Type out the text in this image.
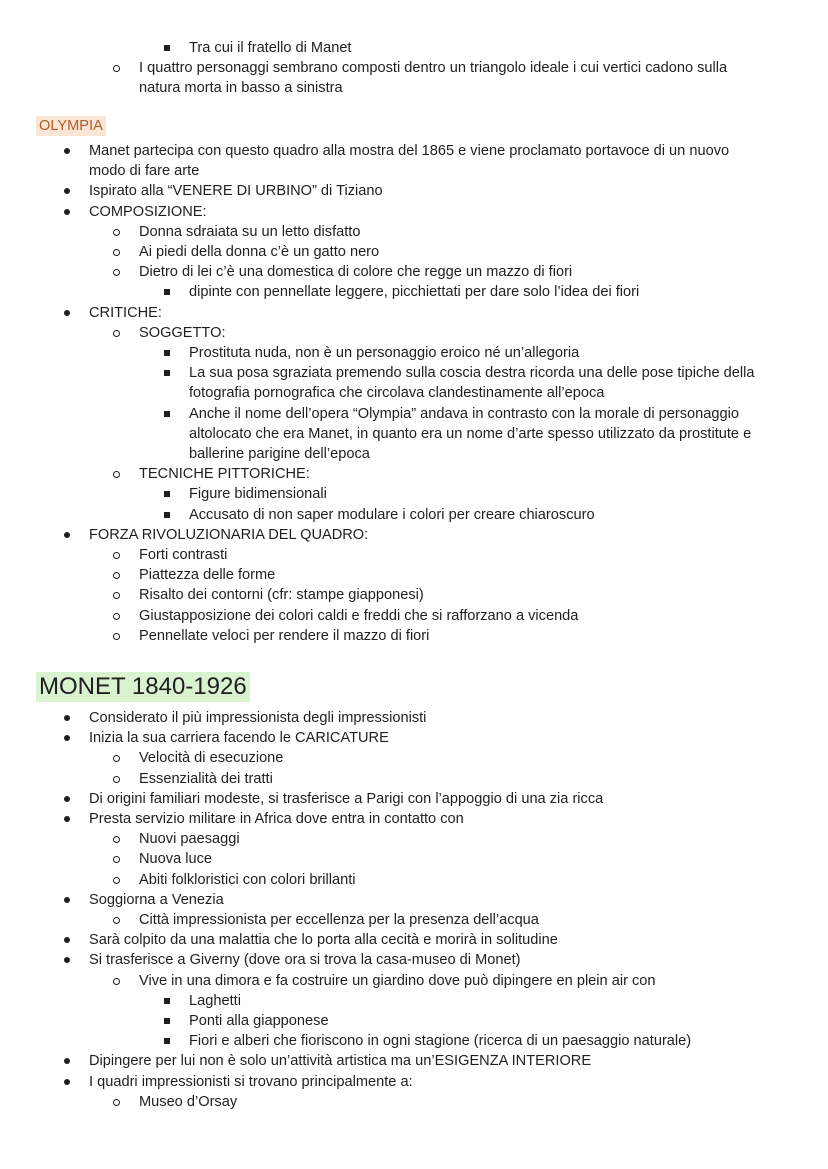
Tra cui il fratello di Manet
I quattro personaggi sembrano composti dentro un triangolo ideale i cui vertici cadono sulla
natura morta in basso a sinistra
OLYMPIA
Manet partecipa con questo quadro alla mostra del 1865 e viene proclamato portavoce di un nuovo
modo di fare arte
Ispirato alla “VENERE DI URBINO” di Tiziano
COMPOSIZIONE:
Donna sdraiata su un letto disfatto
Ai piedi della donna c’è un gatto nero
Dietro di lei c’è una domestica di colore che regge un mazzo di fiori
dipinte con pennellate leggere, picchiettati per dare solo l’idea dei fiori
CRITICHE:
SOGGETTO:
Prostituta nuda, non è un personaggio eroico né un’allegoria
La sua posa sgraziata premendo sulla coscia destra ricorda una delle pose tipiche della
fotografia pornografica che circolava clandestinamente all’epoca
Anche il nome dell’opera “Olympia” andava in contrasto con la morale di personaggio
altolocato che era Manet, in quanto era un nome d’arte spesso utilizzato da prostitute e
ballerine parigine dell’epoca
TECNICHE PITTORICHE:
Figure bidimensionali
Accusato di non saper modulare i colori per creare chiaroscuro
FORZA RIVOLUZIONARIA DEL QUADRO:
Forti contrasti
Piattezza delle forme
Risalto dei contorni (cfr: stampe giapponesi)
Giustapposizione dei colori caldi e freddi che si rafforzano a vicenda
Pennellate veloci per rendere il mazzo di fiori
MONET 1840-1926
Considerato il più impressionista degli impressionisti
Inizia la sua carriera facendo le CARICATURE
Velocità di esecuzione
Essenzialità dei tratti
Di origini familiari modeste, si trasferisce a Parigi con l’appoggio di una zia ricca
Presta servizio militare in Africa dove entra in contatto con
Nuovi paesaggi
Nuova luce
Abiti folkloristici con colori brillanti
Soggiorna a Venezia
Città impressionista per eccellenza per la presenza dell’acqua
Sarà colpito da una malattia che lo porta alla cecità e morirà in solitudine
Si trasferisce a Giverny (dove ora si trova la casa-museo di Monet)
Vive in una dimora e fa costruire un giardino dove può dipingere en plein air con
Laghetti
Ponti alla giapponese
Fiori e alberi che fioriscono in ogni stagione (ricerca di un paesaggio naturale)
Dipingere per lui non è solo un’attività artistica ma un’ESIGENZA INTERIORE
I quadri impressionisti si trovano principalmente a:
Museo d’Orsay
